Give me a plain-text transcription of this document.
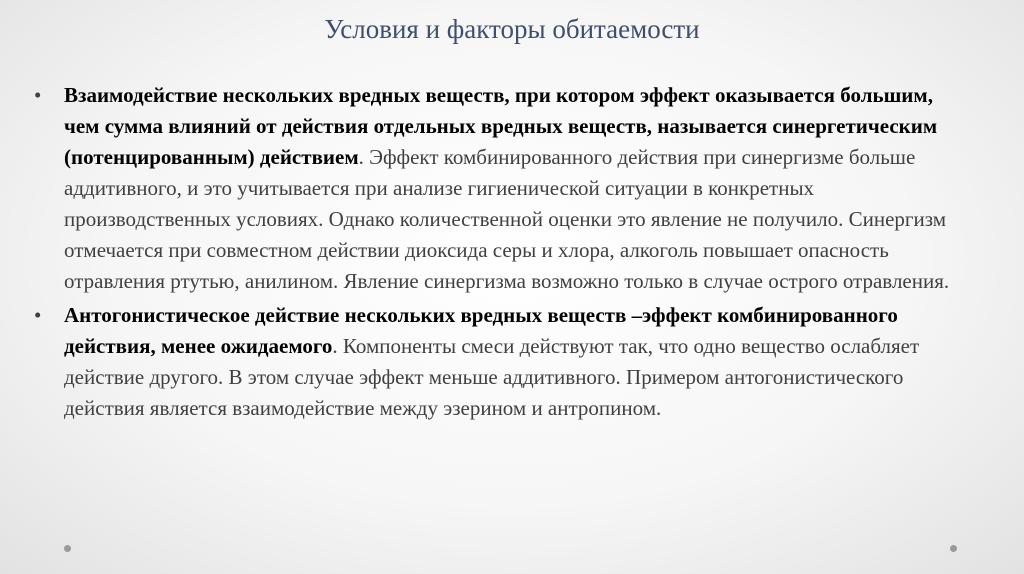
Условия и факторы обитаемости
• Взаимодействие нескольких вредных веществ, при котором эффект оказывается большим, чем сумма влияний от действия отдельных вредных веществ, называется синергетическим (потенцированным) действием. Эффект комбинированного действия при синергизме больше аддитивного, и это учитывается при анализе гигиенической ситуации в конкретных производственных условиях. Однако количественной оценки это явление не получило. Синергизм отмечается при совместном действии диоксида серы и хлора, алкоголь повышает опасность отравления ртутью, анилином. Явление синергизма возможно только в случае острого отравления.
• Антогонистическое действие нескольких вредных веществ –эффект комбинированного действия, менее ожидаемого. Компоненты смеси действуют так, что одно вещество ослабляет действие другого. В этом случае эффект меньше аддитивного. Примером антогонистического действия является взаимодействие между эзерином и антропином.
